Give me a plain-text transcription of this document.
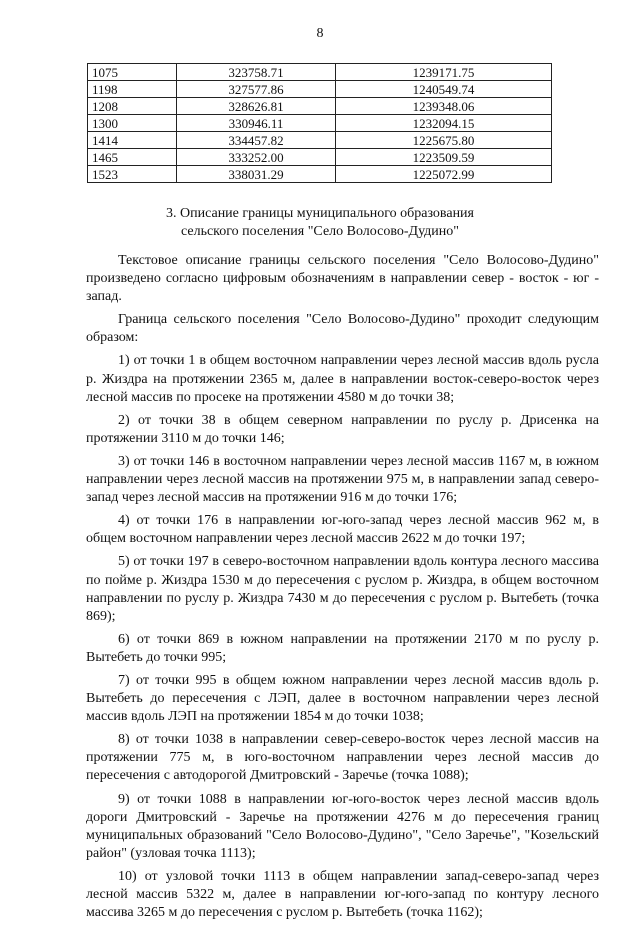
8
1075	323758.71	1239171.75
1198	327577.86	1240549.74
1208	328626.81	1239348.06
1300	330946.11	1232094.15
1414	334457.82	1225675.80
1465	333252.00	1223509.59
1523	338031.29	1225072.99
3. Описание границы муниципального образования
сельского поселения "Село Волосово-Дудино"

Текстовое описание границы сельского поселения "Село Волосово-Дудино" произведено согласно цифровым обозначениям в направлении север - восток - юг - запад.

Граница сельского поселения "Село Волосово-Дудино" проходит следующим образом:

1) от точки 1 в общем восточном направлении через лесной массив вдоль русла р. Жиздра на протяжении 2365 м, далее в направлении восток-северо-восток через лесной массив по просеке на протяжении 4580 м до точки 38;

2) от точки 38 в общем северном направлении по руслу р. Дрисенка на протяжении 3110 м до точки 146;

3) от точки 146 в восточном направлении через лесной массив 1167 м, в южном направлении через лесной массив на протяжении 975 м, в направлении запад северо-запад через лесной массив на протяжении 916 м до точки 176;

4) от точки 176 в направлении юг-юго-запад через лесной массив 962 м, в общем восточном направлении через лесной массив 2622 м до точки 197;

5) от точки 197 в северо-восточном направлении вдоль контура лесного массива по пойме р. Жиздра 1530 м до пересечения с руслом р. Жиздра, в общем восточном направлении по руслу р. Жиздра 7430 м до пересечения с руслом р. Вытебеть (точка 869);

6) от точки 869 в южном направлении на протяжении 2170 м по руслу р. Вытебеть до точки 995;

7) от точки 995 в общем южном направлении через лесной массив вдоль р. Вытебеть до пересечения с ЛЭП, далее в восточном направлении через лесной массив вдоль ЛЭП на протяжении 1854 м до точки 1038;

8) от точки 1038 в направлении север-северо-восток через лесной массив на протяжении 775 м, в юго-восточном направлении через лесной массив до пересечения с автодорогой Дмитровский - Заречье (точка 1088);

9) от точки 1088 в направлении юг-юго-восток через лесной массив вдоль дороги Дмитровский - Заречье на протяжении 4276 м до пересечения границ муниципальных образований "Село Волосово-Дудино", "Село Заречье", "Козельский район" (узловая точка 1113);

10) от узловой точки 1113 в общем направлении запад-северо-запад через лесной массив 5322 м, далее в направлении юг-юго-запад по контуру лесного массива 3265 м до пересечения с руслом р. Вытебеть (точка 1162);
